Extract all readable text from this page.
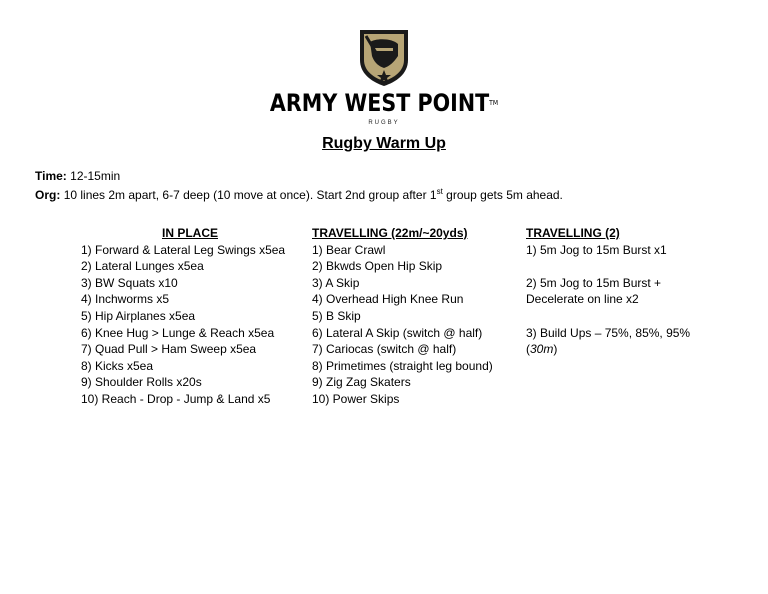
ARMY WEST POINT™
RUGBY
Rugby Warm Up
Time: 12-15min
Org: 10 lines 2m apart, 6-7 deep (10 move at once). Start 2nd group after 1st group gets 5m ahead.
IN PLACE
1) Forward & Lateral Leg Swings x5ea
2) Lateral Lunges x5ea
3) BW Squats x10
4) Inchworms x5
5) Hip Airplanes x5ea
6) Knee Hug > Lunge & Reach x5ea
7) Quad Pull > Ham Sweep x5ea
8) Kicks x5ea
9) Shoulder Rolls x20s
10) Reach - Drop - Jump & Land x5
TRAVELLING (22m/~20yds)
1) Bear Crawl
2) Bkwds Open Hip Skip
3) A Skip
4) Overhead High Knee Run
5) B Skip
6) Lateral A Skip (switch @ half)
7) Cariocas (switch @ half)
8) Primetimes (straight leg bound)
9) Zig Zag Skaters
10) Power Skips
TRAVELLING (2)
1) 5m Jog to 15m Burst x1
2) 5m Jog to 15m Burst + Decelerate on line x2
3) Build Ups – 75%, 85%, 95% (30m)
